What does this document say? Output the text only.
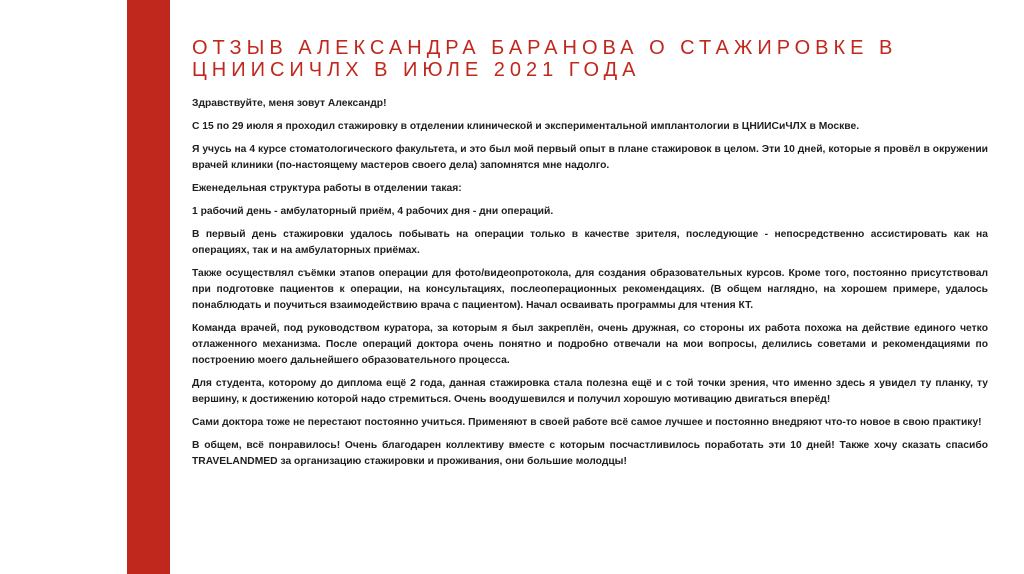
ОТЗЫВ АЛЕКСАНДРА БАРАНОВА О СТАЖИРОВКЕ В ЦНИИСИЧЛХ В ИЮЛЕ 2021 ГОДА

Здравствуйте, меня зовут Александр!

С 15 по 29 июля я проходил стажировку в отделении клинической и экспериментальной имплантологии в ЦНИИСиЧЛХ в Москве.

Я учусь на 4 курсе стоматологического факультета, и это был мой первый опыт в плане стажировок в целом. Эти 10 дней, которые я провёл в окружении врачей клиники (по-настоящему мастеров своего дела) запомнятся мне надолго.

Еженедельная структура работы в отделении такая:

1 рабочий день - амбулаторный приём, 4 рабочих дня - дни операций.

В первый день стажировки удалось побывать на операции только в качестве зрителя, последующие - непосредственно ассистировать как на операциях, так и на амбулаторных приёмах.

Также осуществлял съёмки этапов операции для фото/видеопротокола, для создания образовательных курсов. Кроме того, постоянно присутствовал при подготовке пациентов к операции, на консультациях, послеоперационных рекомендациях. (В общем наглядно, на хорошем примере, удалось понаблюдать и поучиться взаимодействию врача с пациентом). Начал осваивать программы для чтения КТ.

Команда врачей, под руководством куратора, за которым я был закреплён, очень дружная, со стороны их работа похожа на действие единого четко отлаженного механизма. После операций доктора очень понятно и подробно отвечали на мои вопросы, делились советами и рекомендациями по построению моего дальнейшего образовательного процесса.

Для студента, которому до диплома ещё 2 года, данная стажировка стала полезна ещё и с той точки зрения, что именно здесь я увидел ту планку, ту вершину, к достижению которой надо стремиться. Очень воодушевился и получил хорошую мотивацию двигаться вперёд!

Сами доктора тоже не перестают постоянно учиться. Применяют в своей работе всё самое лучшее и постоянно внедряют что-то новое в свою практику!

В общем, всё понравилось! Очень благодарен коллективу вместе с которым посчастливилось поработать эти 10 дней! Также хочу сказать спасибо TRAVELANDMED за организацию стажировки и проживания, они большие молодцы!
